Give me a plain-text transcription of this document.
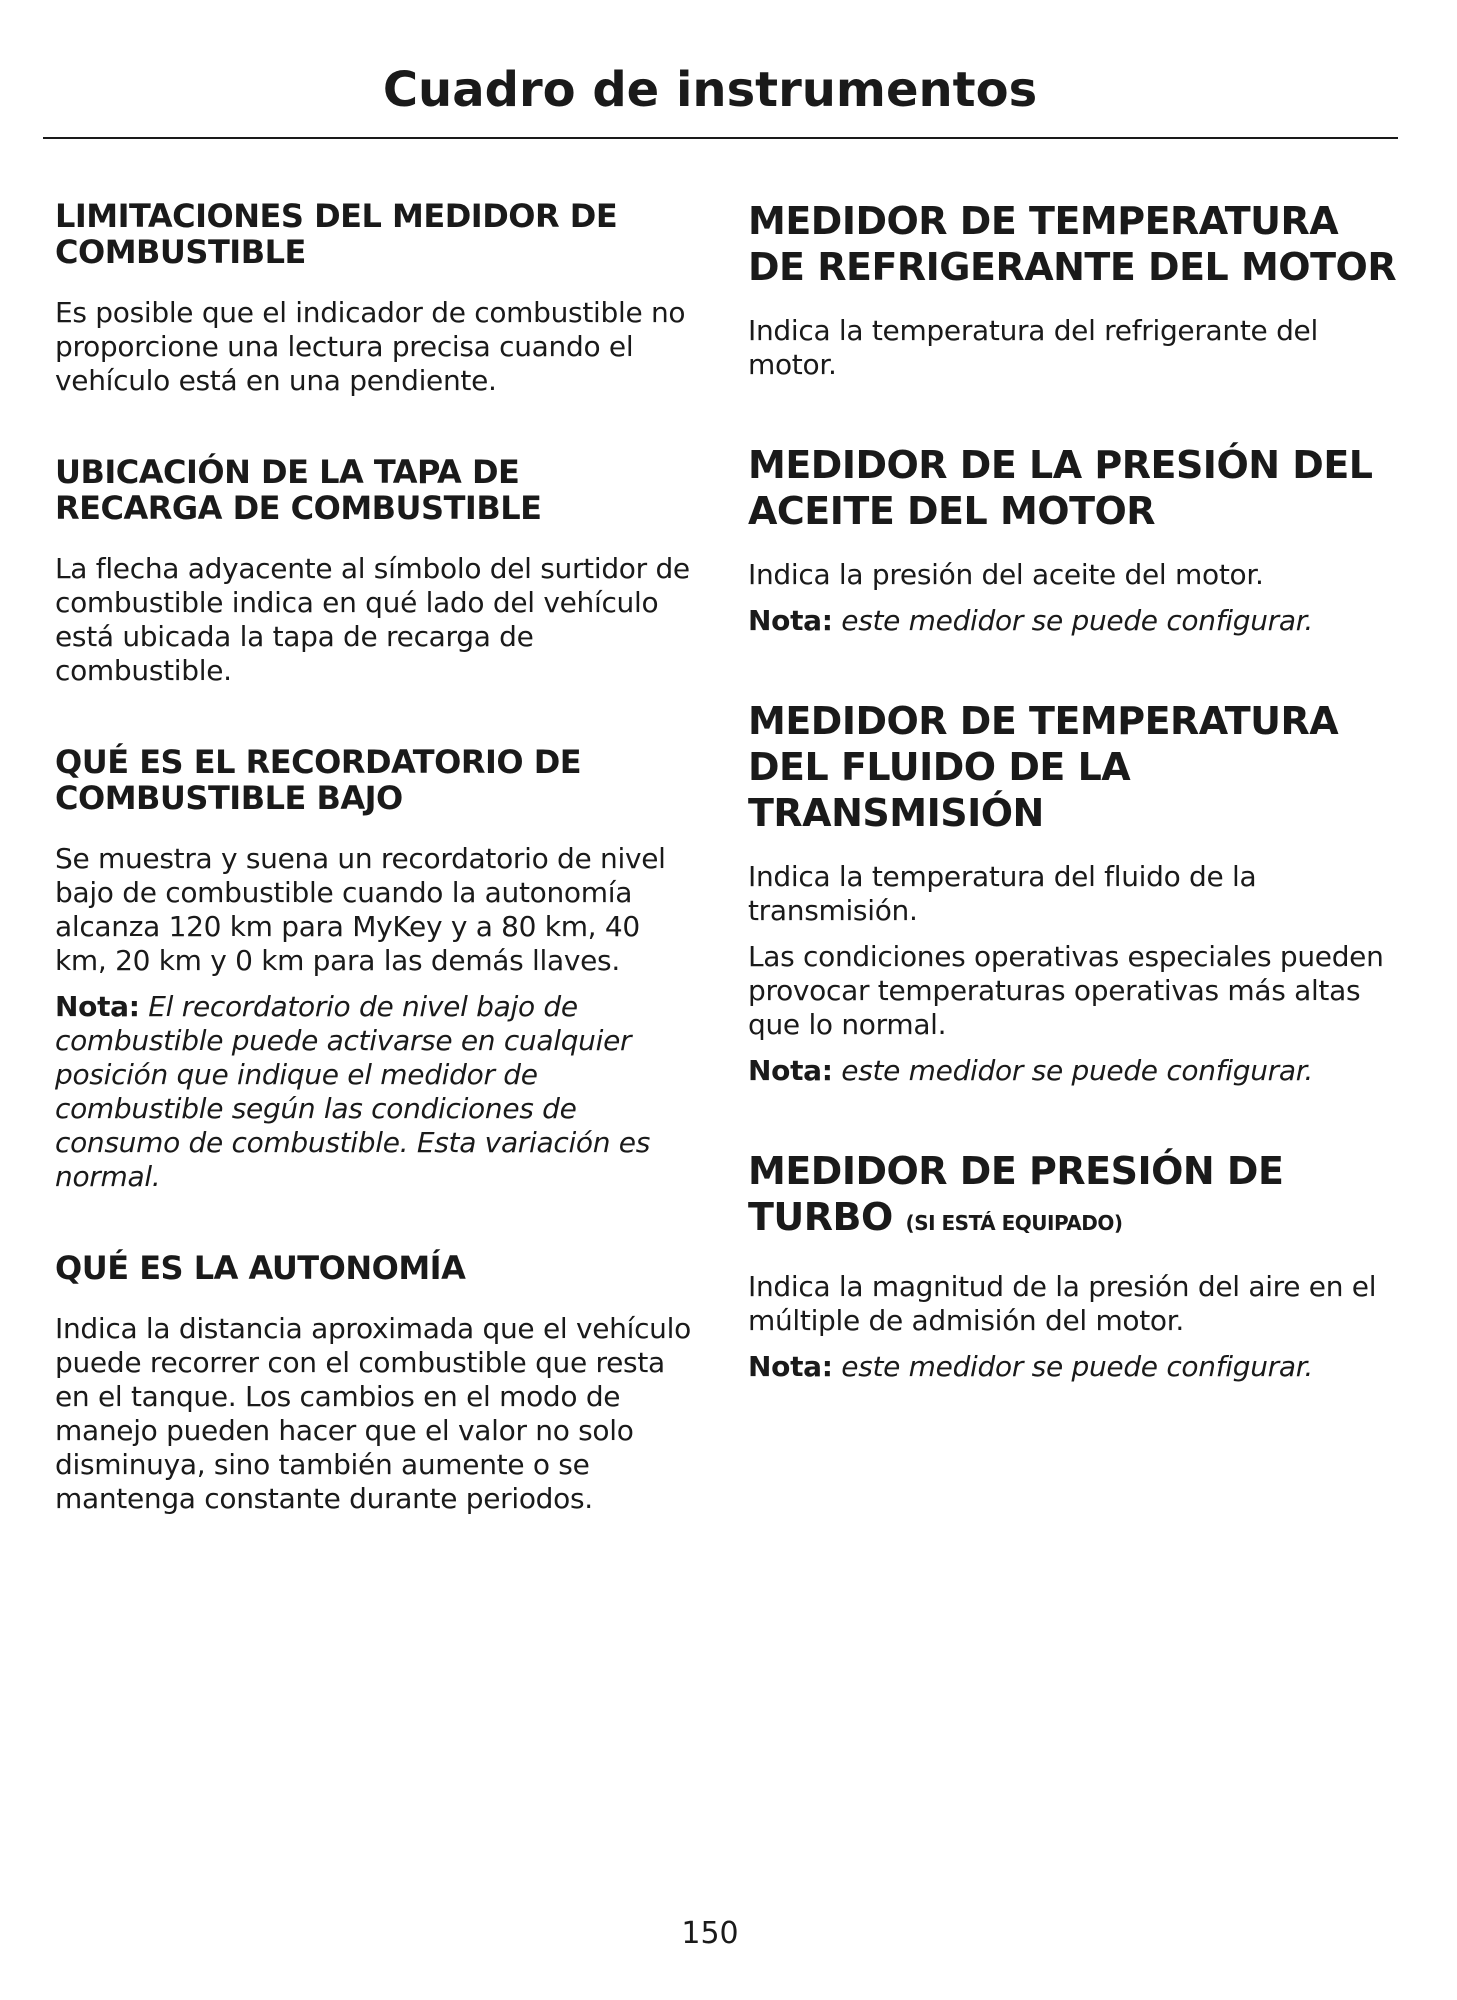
Cuadro de instrumentos
LIMITACIONES DEL MEDIDOR DE COMBUSTIBLE

Es posible que el indicador de combustible no proporcione una lectura precisa cuando el vehículo está en una pendiente.

UBICACIÓN DE LA TAPA DE RECARGA DE COMBUSTIBLE

La flecha adyacente al símbolo del surtidor de combustible indica en qué lado del vehículo está ubicada la tapa de recarga de combustible.

QUÉ ES EL RECORDATORIO DE COMBUSTIBLE BAJO

Se muestra y suena un recordatorio de nivel bajo de combustible cuando la autonomía alcanza 120 km para MyKey y a 80 km, 40 km, 20 km y 0 km para las demás llaves.

Nota: El recordatorio de nivel bajo de combustible puede activarse en cualquier posición que indique el medidor de combustible según las condiciones de consumo de combustible. Esta variación es normal.

QUÉ ES LA AUTONOMÍA

Indica la distancia aproximada que el vehículo puede recorrer con el combustible que resta en el tanque. Los cambios en el modo de manejo pueden hacer que el valor no solo disminuya, sino también aumente o se mantenga constante durante periodos.

MEDIDOR DE TEMPERATURA DE REFRIGERANTE DEL MOTOR

Indica la temperatura del refrigerante del motor.

MEDIDOR DE LA PRESIÓN DEL ACEITE DEL MOTOR

Indica la presión del aceite del motor.

Nota: este medidor se puede configurar.

MEDIDOR DE TEMPERATURA DEL FLUIDO DE LA TRANSMISIÓN

Indica la temperatura del fluido de la transmisión.

Las condiciones operativas especiales pueden provocar temperaturas operativas más altas que lo normal.

Nota: este medidor se puede configurar.

MEDIDOR DE PRESIÓN DE TURBO (SI ESTÁ EQUIPADO)

Indica la magnitud de la presión del aire en el múltiple de admisión del motor.

Nota: este medidor se puede configurar.

150
